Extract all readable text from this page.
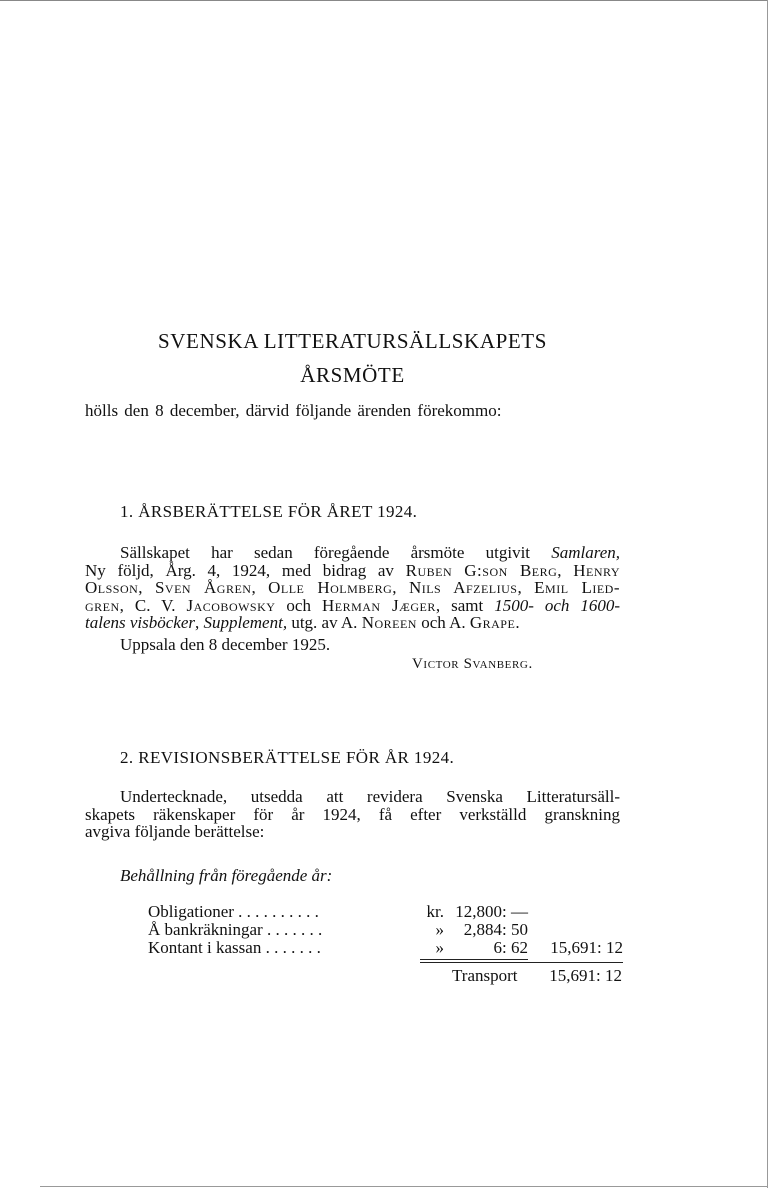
SVENSKA LITTERATURSÄLLSKAPETS
ÅRSMÖTE
hölls den 8 december, därvid följande ärenden förekommo:
1. ÅRSBERÄTTELSE FÖR ÅRET 1924.
Sällskapet har sedan föregående årsmöte utgivit Samlaren,
Ny följd, Årg. 4, 1924, med bidrag av Ruben G:son Berg, Henry
Olsson, Sven Ågren, Olle Holmberg, Nils Afzelius, Emil Lied-
gren, C. V. Jacobowsky och Herman Jæger, samt 1500- och 1600-
talens visböcker, Supplement, utg. av A. Noreen och A. Grape.
Uppsala den 8 december 1925.
Victor Svanberg.
2. REVISIONSBERÄTTELSE FÖR ÅR 1924.
Undertecknade, utsedda att revidera Svenska Litteratursäll-
skapets räkenskaper för år 1924, få efter verkställd granskning
avgiva följande berättelse:
Behållning från föregående år:
Obligationer . . . . . . . . . .	kr. 12,800: —
Å bankräkningar . . . . . . .	»	2,884: 50
Kontant i kassan . . . . . . .	»	6: 62	15,691: 12
Transport	15,691: 12
